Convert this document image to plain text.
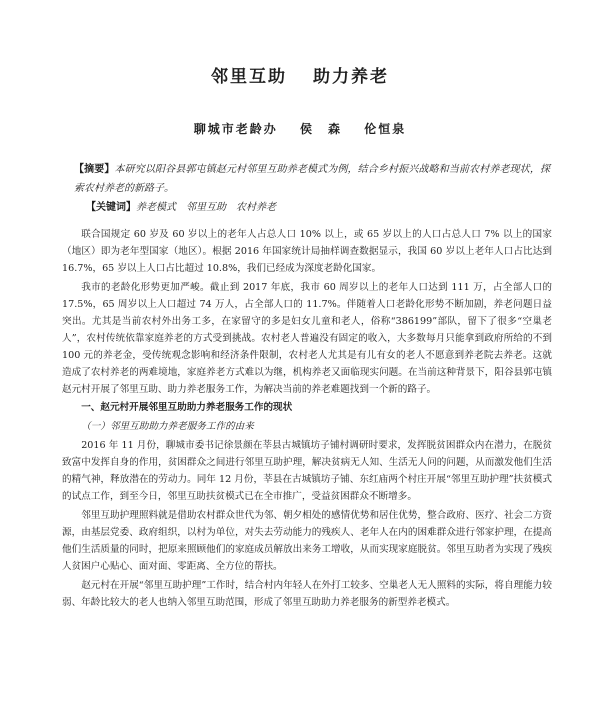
邻里互助 助力养老
聊城市老龄办 侯　森 伦恒泉

【摘要】本研究以阳谷县郭屯镇赵元村邻里互助养老模式为例，结合乡村振兴战略和当前农村养老现状，探索农村养老的新路子。

【关键词】养老模式　邻里互助　农村养老

联合国规定 60 岁及 60 岁以上的老年人占总人口 10% 以上，或 65 岁以上的人口占总人口 7% 以上的国家（地区）即为老年型国家（地区）。根据 2016 年国家统计局抽样调查数据显示，我国 60 岁以上老年人口占比达到 16.7%，65 岁以上人口占比超过 10.8%，我们已经成为深度老龄化国家。

我市的老龄化形势更加严峻。截止到 2017 年底，我市 60 周岁以上的老年人口达到 111 万，占全部人口的 17.5%，65 周岁以上人口超过 74 万人，占全部人口的 11.7%。伴随着人口老龄化形势不断加剧，养老问题日益突出。尤其是当前农村外出务工多，在家留守的多是妇女儿童和老人，俗称“386199”部队，留下了很多“空巢老人”，农村传统依靠家庭养老的方式受到挑战。农村老人普遍没有固定的收入，大多数每月只能拿到政府所给的不到 100 元的养老金，受传统观念影响和经济条件限制，农村老人尤其是有儿有女的老人不愿意到养老院去养老。这就造成了农村养老的两难境地，家庭养老方式难以为继，机构养老又面临现实问题。在当前这种背景下，阳谷县郭屯镇赵元村开展了邻里互助、助力养老服务工作，为解决当前的养老难题找到一个新的路子。

一、赵元村开展邻里互助助力养老服务工作的现状

（一）邻里互助助力养老服务工作的由来

2016 年 11 月份，聊城市委书记徐景颜在莘县古城镇坊子铺村调研时要求，发挥脱贫困群众内在潜力，在脱贫致富中发挥自身的作用，贫困群众之间进行邻里互助护理，解决贫病无人知、生活无人问的问题，从而激发他们生活的精气神，释放潜在的劳动力。同年 12 月份，莘县在古城镇坊子铺、东红庙两个村庄开展“邻里互助护理”扶贫模式的试点工作，到至今日，邻里互助扶贫模式已在全市推广，受益贫困群众不断增多。

邻里互助护理照料就是借助农村群众世代为邻、朝夕相处的感情优势和居住优势，整合政府、医疗、社会二方资源，由基层党委、政府组织，以村为单位，对失去劳动能力的残疾人、老年人在内的困难群众进行邻家护理，在提高他们生活质量的同时，把原来照顾他们的家庭成员解放出来务工增收，从而实现家庭脱贫。邻里互助者为实现了残疾人贫困户心贴心、面对面、零距离、全方位的帮扶。

赵元村在开展“邻里互助护理”工作时，结合村内年轻人在外打工较多、空巢老人无人照料的实际，将自理能力较弱、年龄比较大的老人也纳入邻里互助范围，形成了邻里互助助力养老服务的新型养老模式。
